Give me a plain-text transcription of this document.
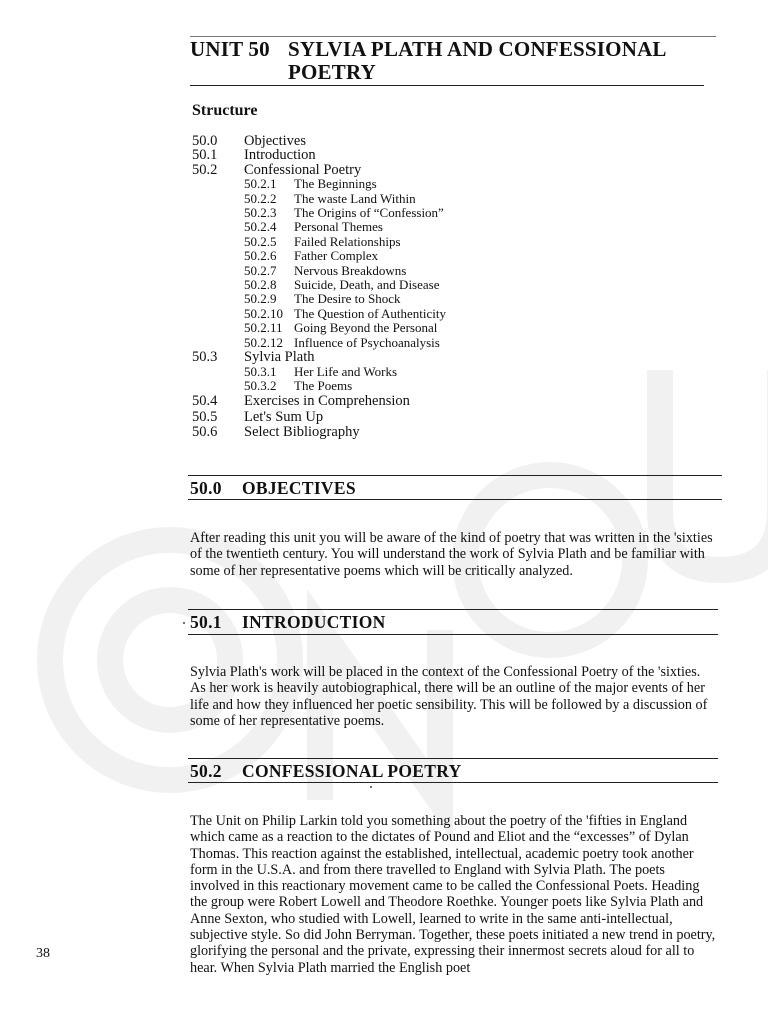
UNIT 50 SYLVIA PLATH AND CONFESSIONAL
POETRY
Structure
50.0	Objectives
50.1	Introduction
50.2	Confessional Poetry
50.2.1	The Beginnings
50.2.2	The waste Land Within
50.2.3	The Origins of “Confession”
50.2.4	Personal Themes
50.2.5	Failed Relationships
50.2.6	Father Complex
50.2.7	Nervous Breakdowns
50.2.8	Suicide, Death, and Disease
50.2.9	The Desire to Shock
50.2.10 The Question of Authenticity
50.2.11 Going Beyond the Personal
50.2.12 Influence of Psychoanalysis
50.3	Sylvia Plath
50.3.1	Her Life and Works
50.3.2	The Poems
50.4	Exercises in Comprehension
50.5	Let's Sum Up
50.6	Select Bibliography
50.0 OBJECTIVES
After reading this unit you will be aware of the kind of poetry that was written in the 'sixties of the twentieth century. You will understand the work of Sylvia Plath and be familiar with some of her representative poems which will be critically analyzed.
50.1 INTRODUCTION
Sylvia Plath's work will be placed in the context of the Confessional Poetry of the 'sixties. As her work is heavily autobiographical, there will be an outline of the major events of her life and how they influenced her poetic sensibility. This will be followed by a discussion of some of her representative poems.
50.2 CONFESSIONAL POETRY
The Unit on Philip Larkin told you something about the poetry of the 'fifties in England which came as a reaction to the dictates of Pound and Eliot and the “excesses” of Dylan Thomas. This reaction against the established, intellectual, academic poetry took another form in the U.S.A. and from there travelled to England with Sylvia Plath. The poets involved in this reactionary movement came to be called the Confessional Poets. Heading the group were Robert Lowell and Theodore Roethke. Younger poets like Sylvia Plath and Anne Sexton, who studied with Lowell, learned to write in the same anti-intellectual, subjective style. So did John Berryman. Together, these poets initiated a new trend in poetry, glorifying the personal and the private, expressing their innermost secrets aloud for all to hear. When Sylvia Plath married the English poet
38
